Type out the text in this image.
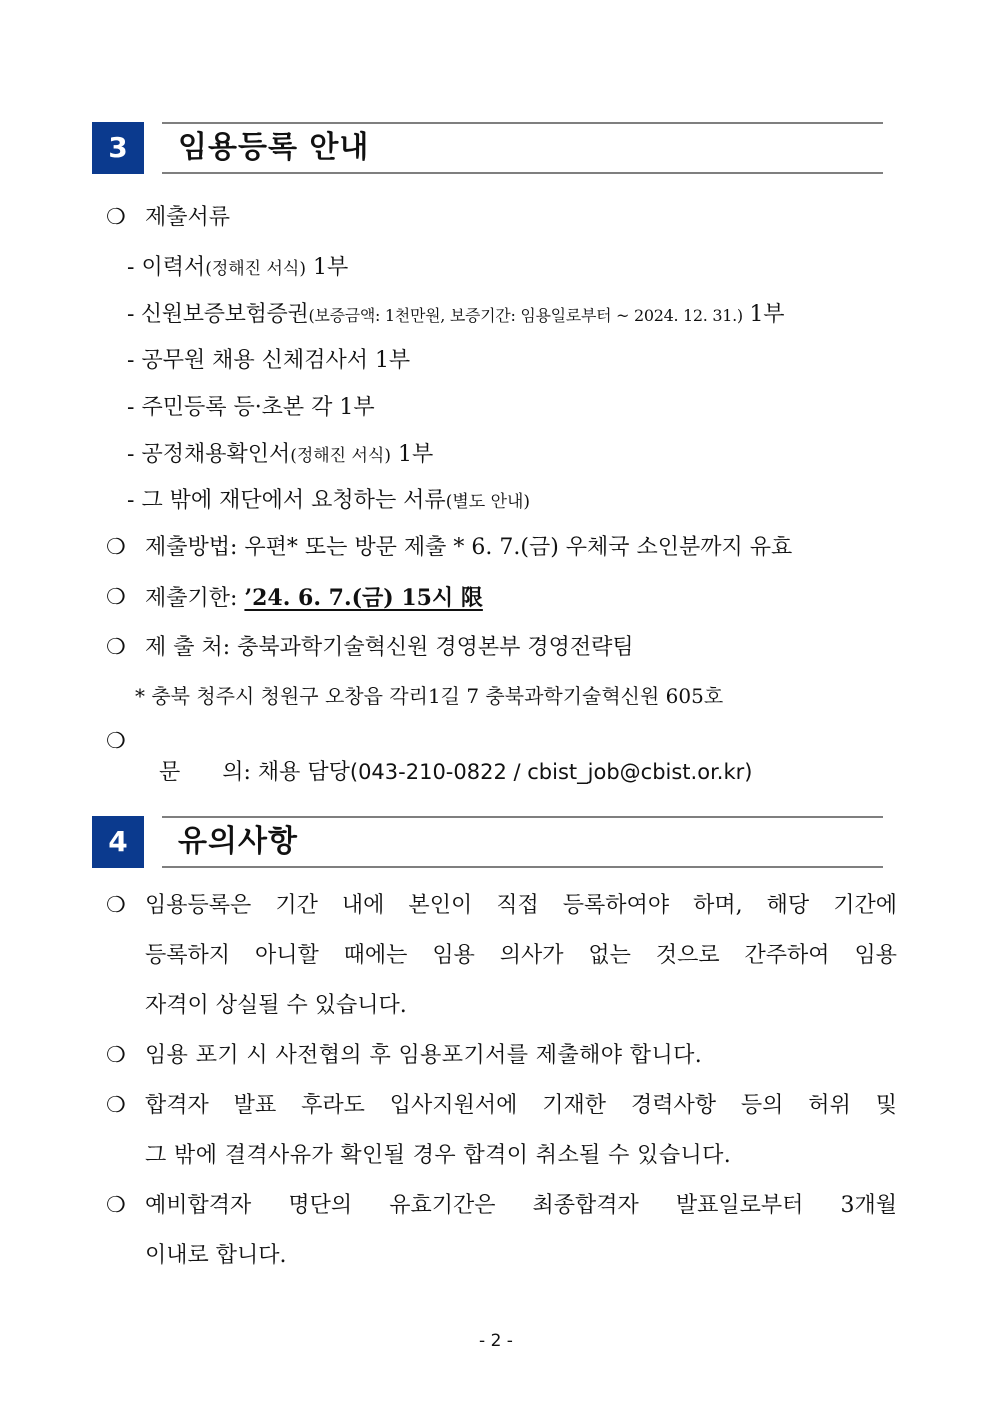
3	임용등록 안내
❍ 제출서류
- 이력서(정해진 서식) 1부
- 신원보증보험증권(보증금액: 1천만원, 보증기간: 임용일로부터 ~ 2024. 12. 31.) 1부
- 공무원 채용 신체검사서 1부
- 주민등록 등·초본 각 1부
- 공정채용확인서(정해진 서식) 1부
- 그 밖에 재단에서 요청하는 서류(별도 안내)
❍ 제출방법: 우편* 또는 방문 제출 * 6. 7.(금) 우체국 소인분까지 유효
❍ 제출기한: ’24. 6. 7.(금) 15시 限
❍ 제 출 처: 충북과학기술혁신원 경영본부 경영전략팀
* 충북 청주시 청원구 오창읍 각리1길 7 충북과학기술혁신원 605호
❍

문      의: 채용 담당(043-210-0822 / cbist_job@cbist.or.kr)

4	유의사항
❍ 임용등록은 기간 내에 본인이 직접 등록하여야 하며, 해당 기간에
등록하지 아니할 때에는 임용 의사가 없는 것으로 간주하여 임용
자격이 상실될 수 있습니다.
❍ 임용 포기 시 사전협의 후 임용포기서를 제출해야 합니다.
❍ 합격자 발표 후라도 입사지원서에 기재한 경력사항 등의 허위 및
그 밖에 결격사유가 확인될 경우 합격이 취소될 수 있습니다.
❍ 예비합격자 명단의 유효기간은 최종합격자 발표일로부터 3개월
이내로 합니다.
- 2 -
